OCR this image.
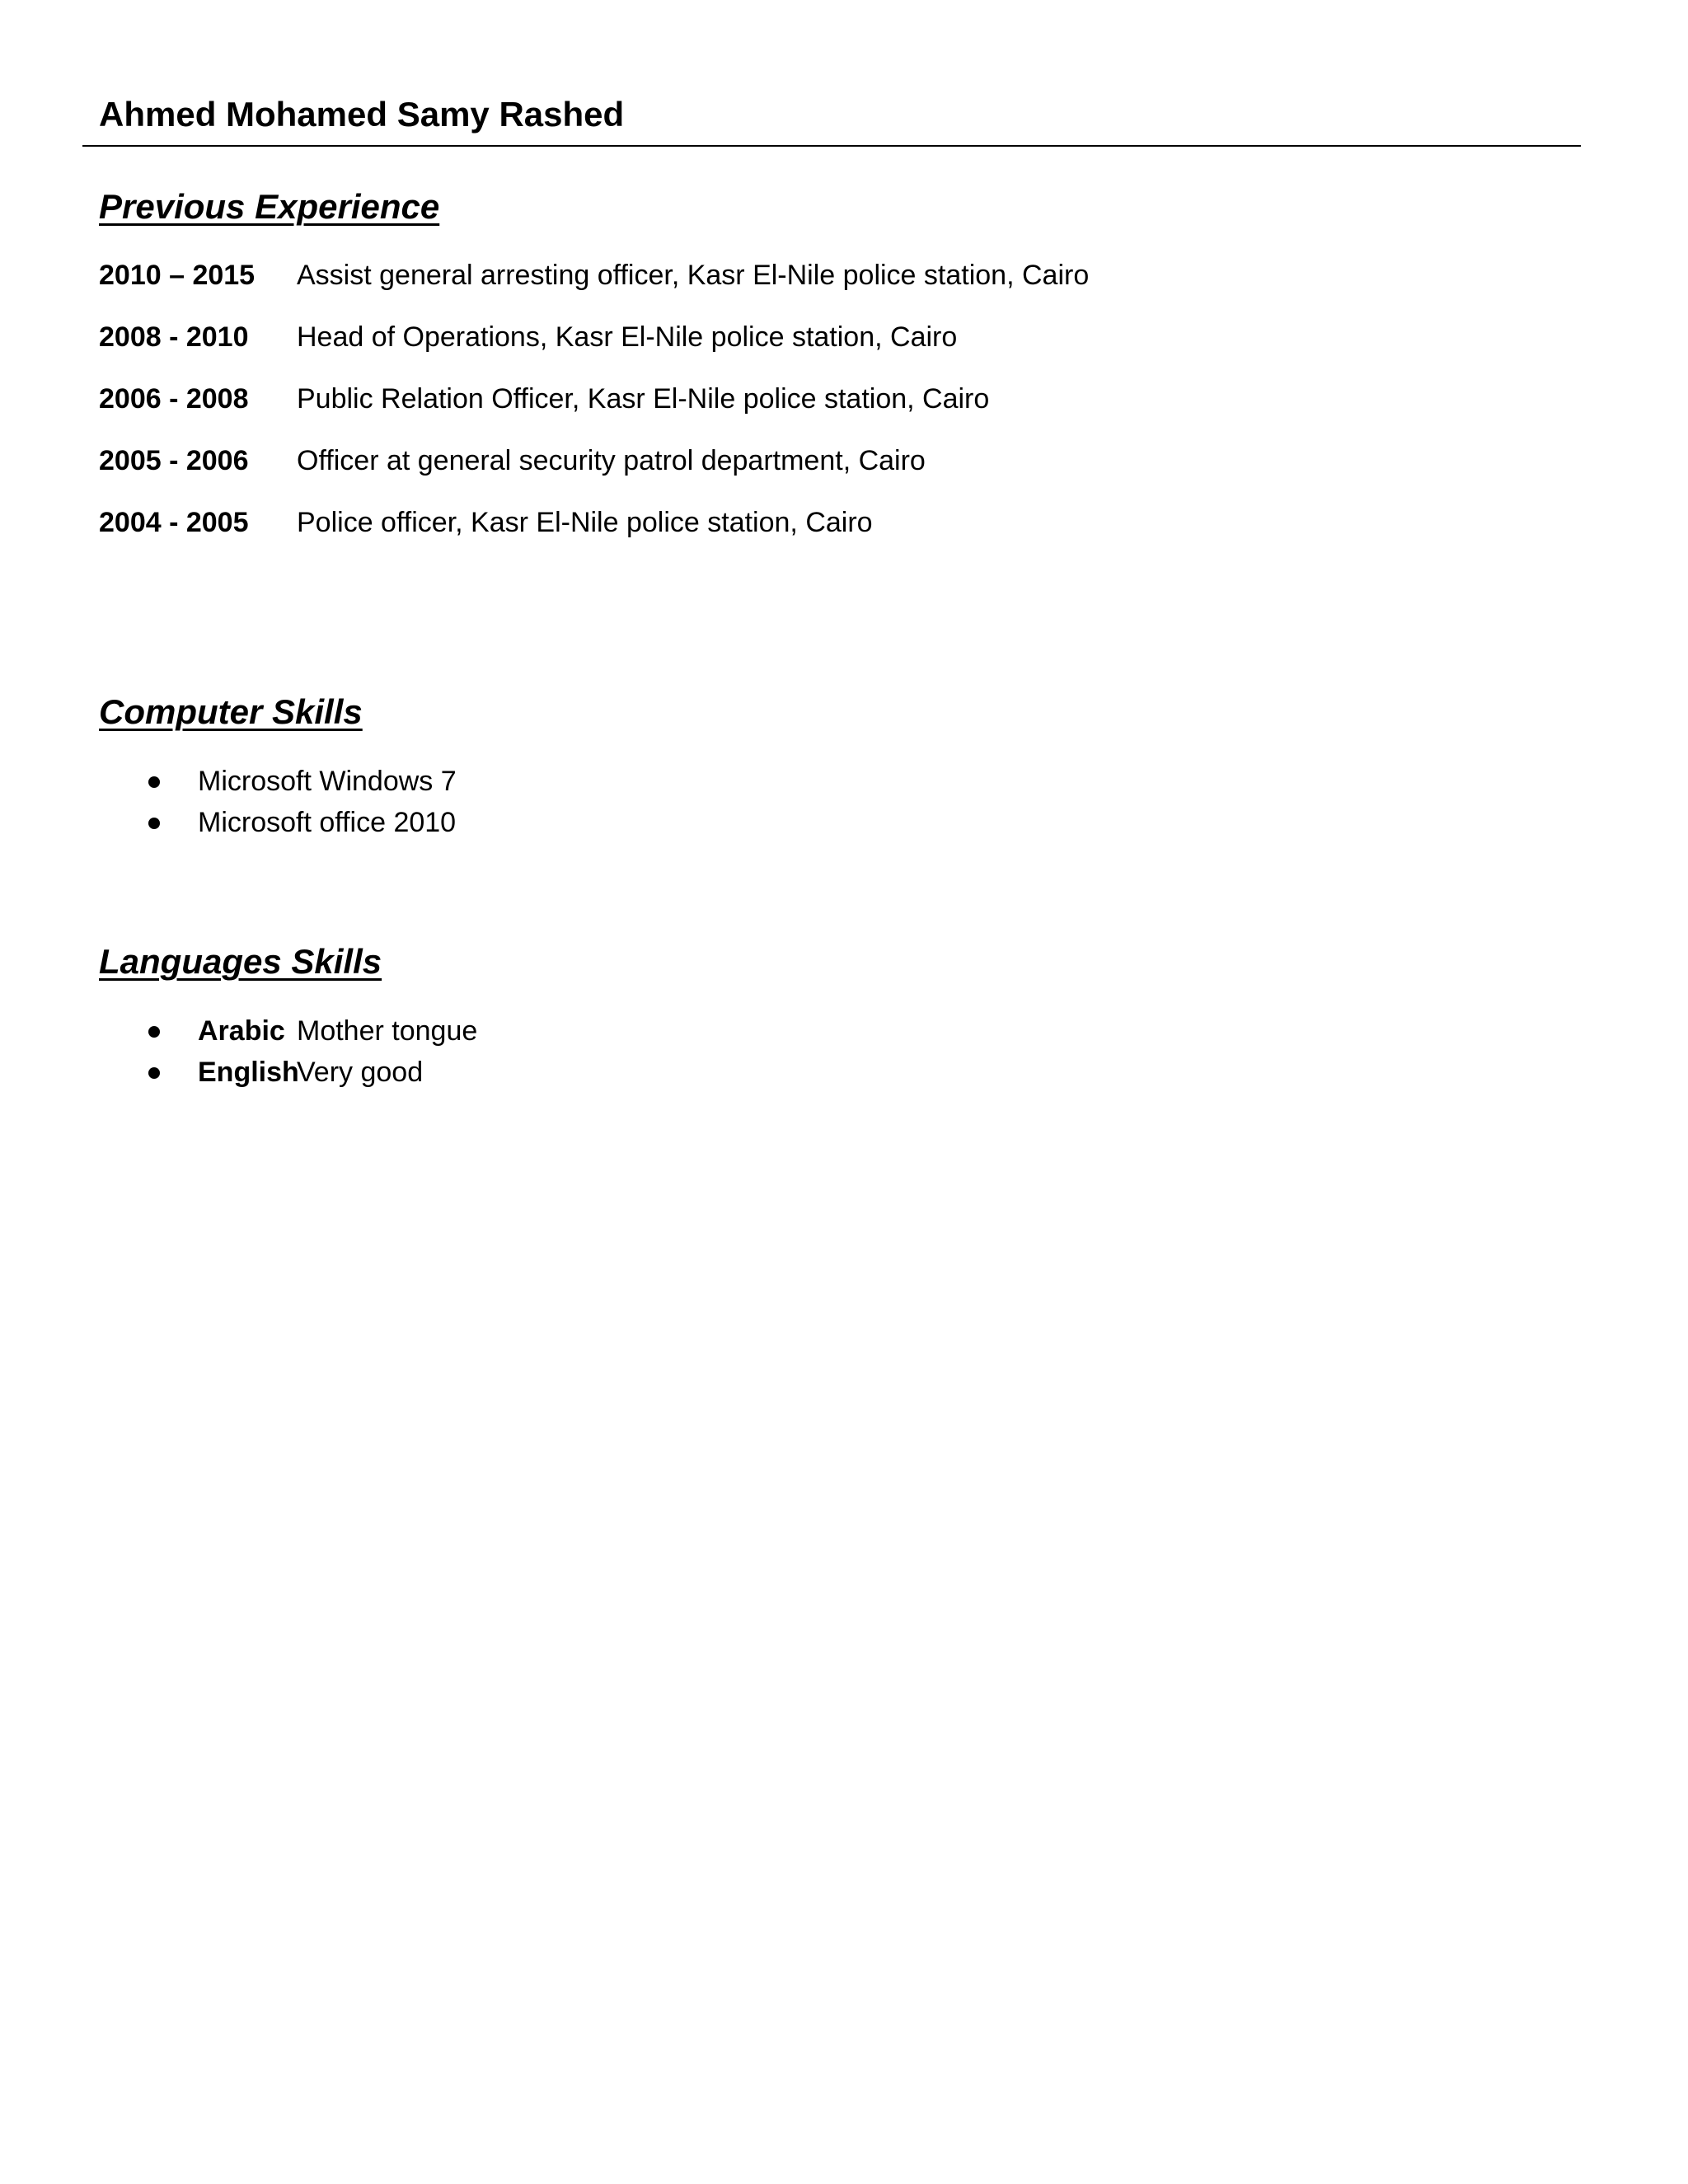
Ahmed Mohamed Samy Rashed
Previous Experience
2010 – 2015 Assist general arresting officer, Kasr El-Nile police station, Cairo
2008 - 2010 Head of Operations, Kasr El-Nile police station, Cairo
2006 - 2008 Public Relation Officer, Kasr El-Nile police station, Cairo
2005 - 2006 Officer at general security patrol department, Cairo
2004 - 2005 Police officer, Kasr El-Nile police station, Cairo
Computer Skills
Microsoft Windows 7
Microsoft office 2010
Languages Skills
Arabic Mother tongue
English
Very good
